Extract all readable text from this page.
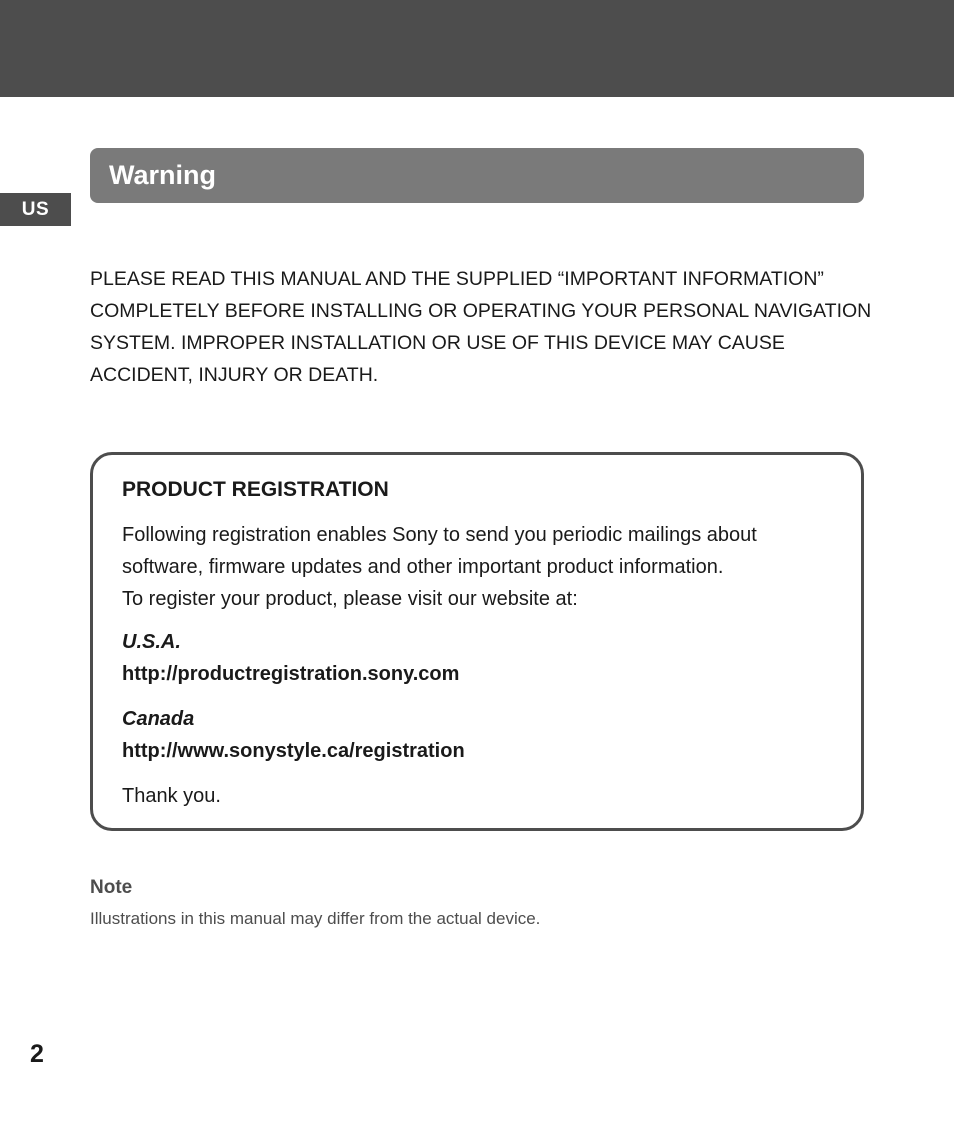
US
Warning
PLEASE READ THIS MANUAL AND THE SUPPLIED “IMPORTANT INFORMATION” COMPLETELY BEFORE INSTALLING OR OPERATING YOUR PERSONAL NAVIGATION SYSTEM. IMPROPER INSTALLATION OR USE OF THIS DEVICE MAY CAUSE ACCIDENT, INJURY OR DEATH.
PRODUCT REGISTRATION

Following registration enables Sony to send you periodic mailings about software, firmware updates and other important product information.

To register your product, please visit our website at:

U.S.A.
http://productregistration.sony.com
Canada
http://www.sonystyle.ca/registration
Thank you.
Note
Illustrations in this manual may differ from the actual device.
2
